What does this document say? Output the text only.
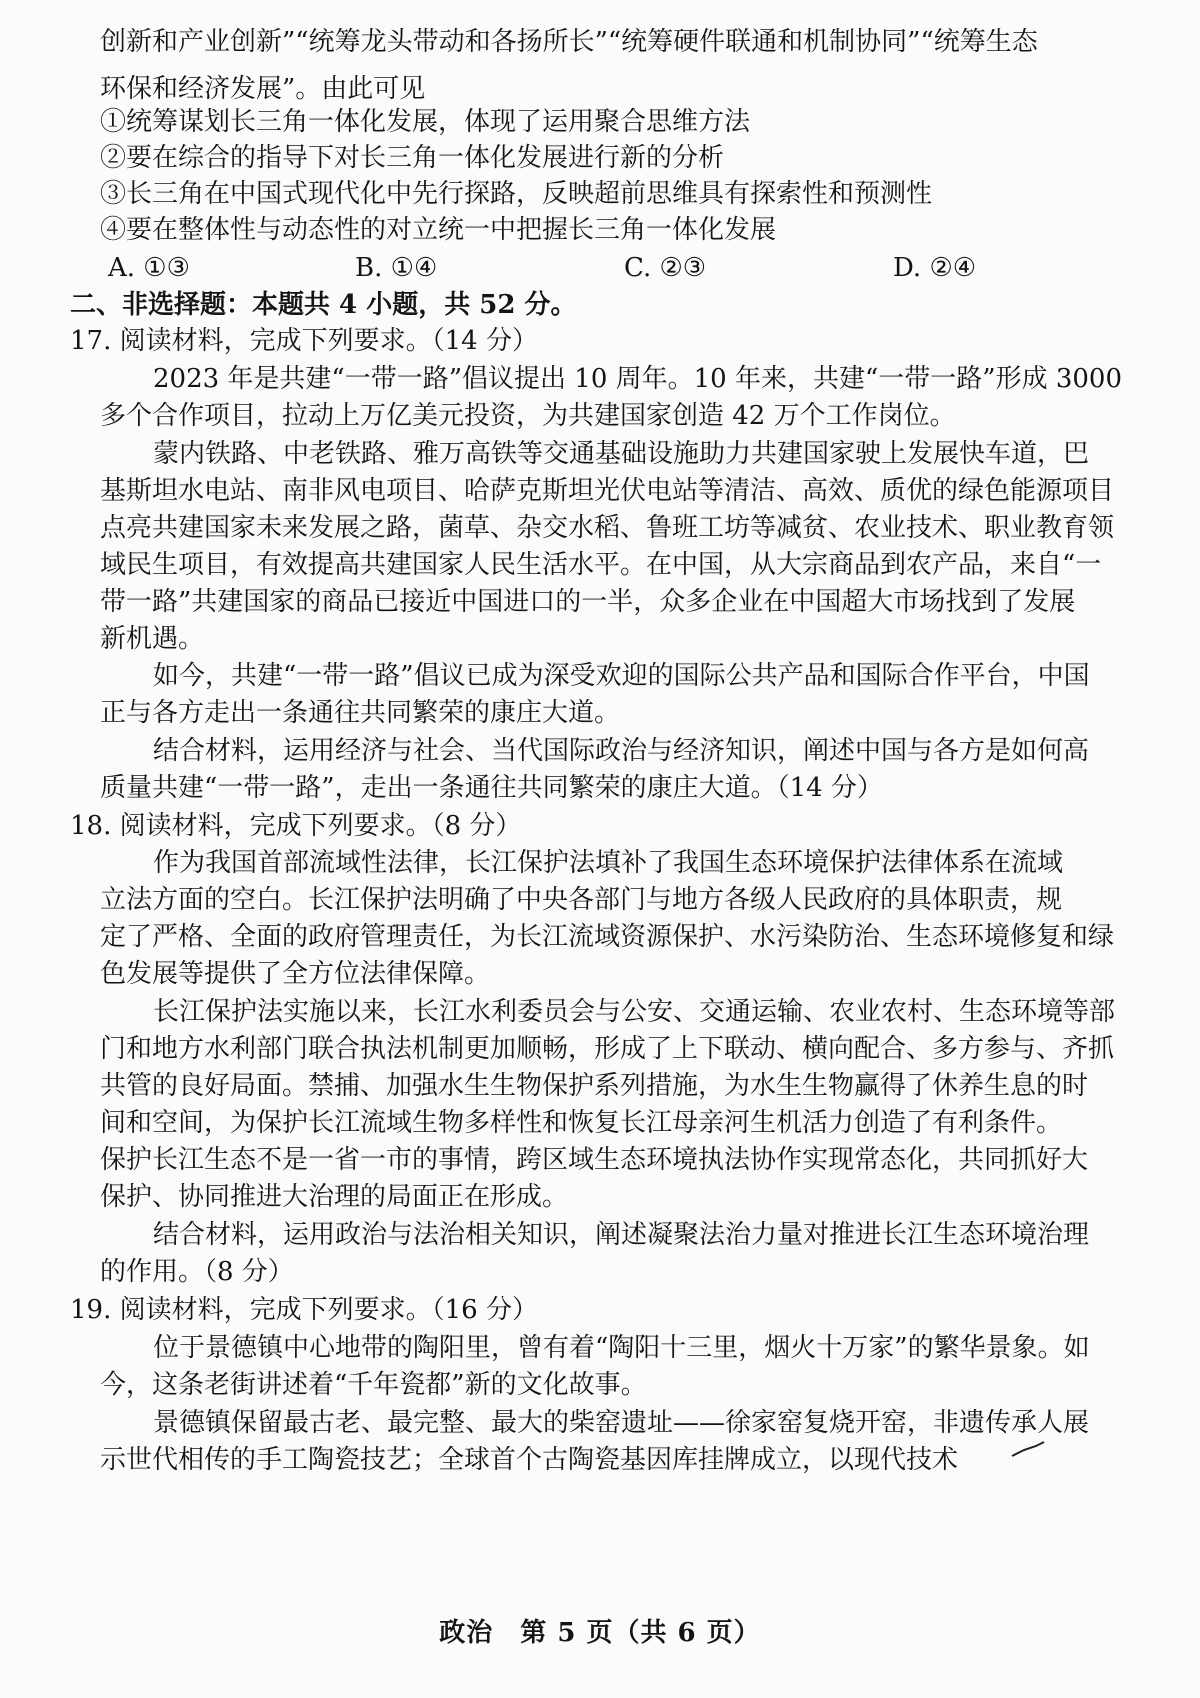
创新和产业创新”“统筹龙头带动和各扬所长”“统筹硬件联通和机制协同”“统筹生态
环保和经济发展”。由此可见
①统筹谋划长三角一体化发展，体现了运用聚合思维方法
②要在综合的指导下对长三角一体化发展进行新的分析
③长三角在中国式现代化中先行探路，反映超前思维具有探索性和预测性
④要在整体性与动态性的对立统一中把握长三角一体化发展
A. ①③	B. ①④	C. ②③	D. ②④
二、非选择题：本题共 4 小题，共 52 分。
17. 阅读材料，完成下列要求。（14 分）
2023 年是共建“一带一路”倡议提出 10 周年。10 年来，共建“一带一路”形成 3000
多个合作项目，拉动上万亿美元投资，为共建国家创造 42 万个工作岗位。
蒙内铁路、中老铁路、雅万高铁等交通基础设施助力共建国家驶上发展快车道，巴
基斯坦水电站、南非风电项目、哈萨克斯坦光伏电站等清洁、高效、质优的绿色能源项目
点亮共建国家未来发展之路，菌草、杂交水稻、鲁班工坊等减贫、农业技术、职业教育领
域民生项目，有效提高共建国家人民生活水平。在中国，从大宗商品到农产品，来自“一
带一路”共建国家的商品已接近中国进口的一半，众多企业在中国超大市场找到了发展
新机遇。
如今，共建“一带一路”倡议已成为深受欢迎的国际公共产品和国际合作平台，中国
正与各方走出一条通往共同繁荣的康庄大道。
结合材料，运用经济与社会、当代国际政治与经济知识，阐述中国与各方是如何高
质量共建“一带一路”，走出一条通往共同繁荣的康庄大道。（14 分）
18. 阅读材料，完成下列要求。（8 分）
作为我国首部流域性法律，长江保护法填补了我国生态环境保护法律体系在流域
立法方面的空白。长江保护法明确了中央各部门与地方各级人民政府的具体职责，规
定了严格、全面的政府管理责任，为长江流域资源保护、水污染防治、生态环境修复和绿
色发展等提供了全方位法律保障。
长江保护法实施以来，长江水利委员会与公安、交通运输、农业农村、生态环境等部
门和地方水利部门联合执法机制更加顺畅，形成了上下联动、横向配合、多方参与、齐抓
共管的良好局面。禁捕、加强水生生物保护系列措施，为水生生物赢得了休养生息的时
间和空间，为保护长江流域生物多样性和恢复长江母亲河生机活力创造了有利条件。
保护长江生态不是一省一市的事情，跨区域生态环境执法协作实现常态化，共同抓好大
保护、协同推进大治理的局面正在形成。
结合材料，运用政治与法治相关知识，阐述凝聚法治力量对推进长江生态环境治理
的作用。（8 分）
19. 阅读材料，完成下列要求。（16 分）
位于景德镇中心地带的陶阳里，曾有着“陶阳十三里，烟火十万家”的繁华景象。如
今，这条老街讲述着“千年瓷都”新的文化故事。
景德镇保留最古老、最完整、最大的柴窑遗址——徐家窑复烧开窑，非遗传承人展
示世代相传的手工陶瓷技艺；全球首个古陶瓷基因库挂牌成立，以现代技术
政治　第 5 页（共 6 页）
